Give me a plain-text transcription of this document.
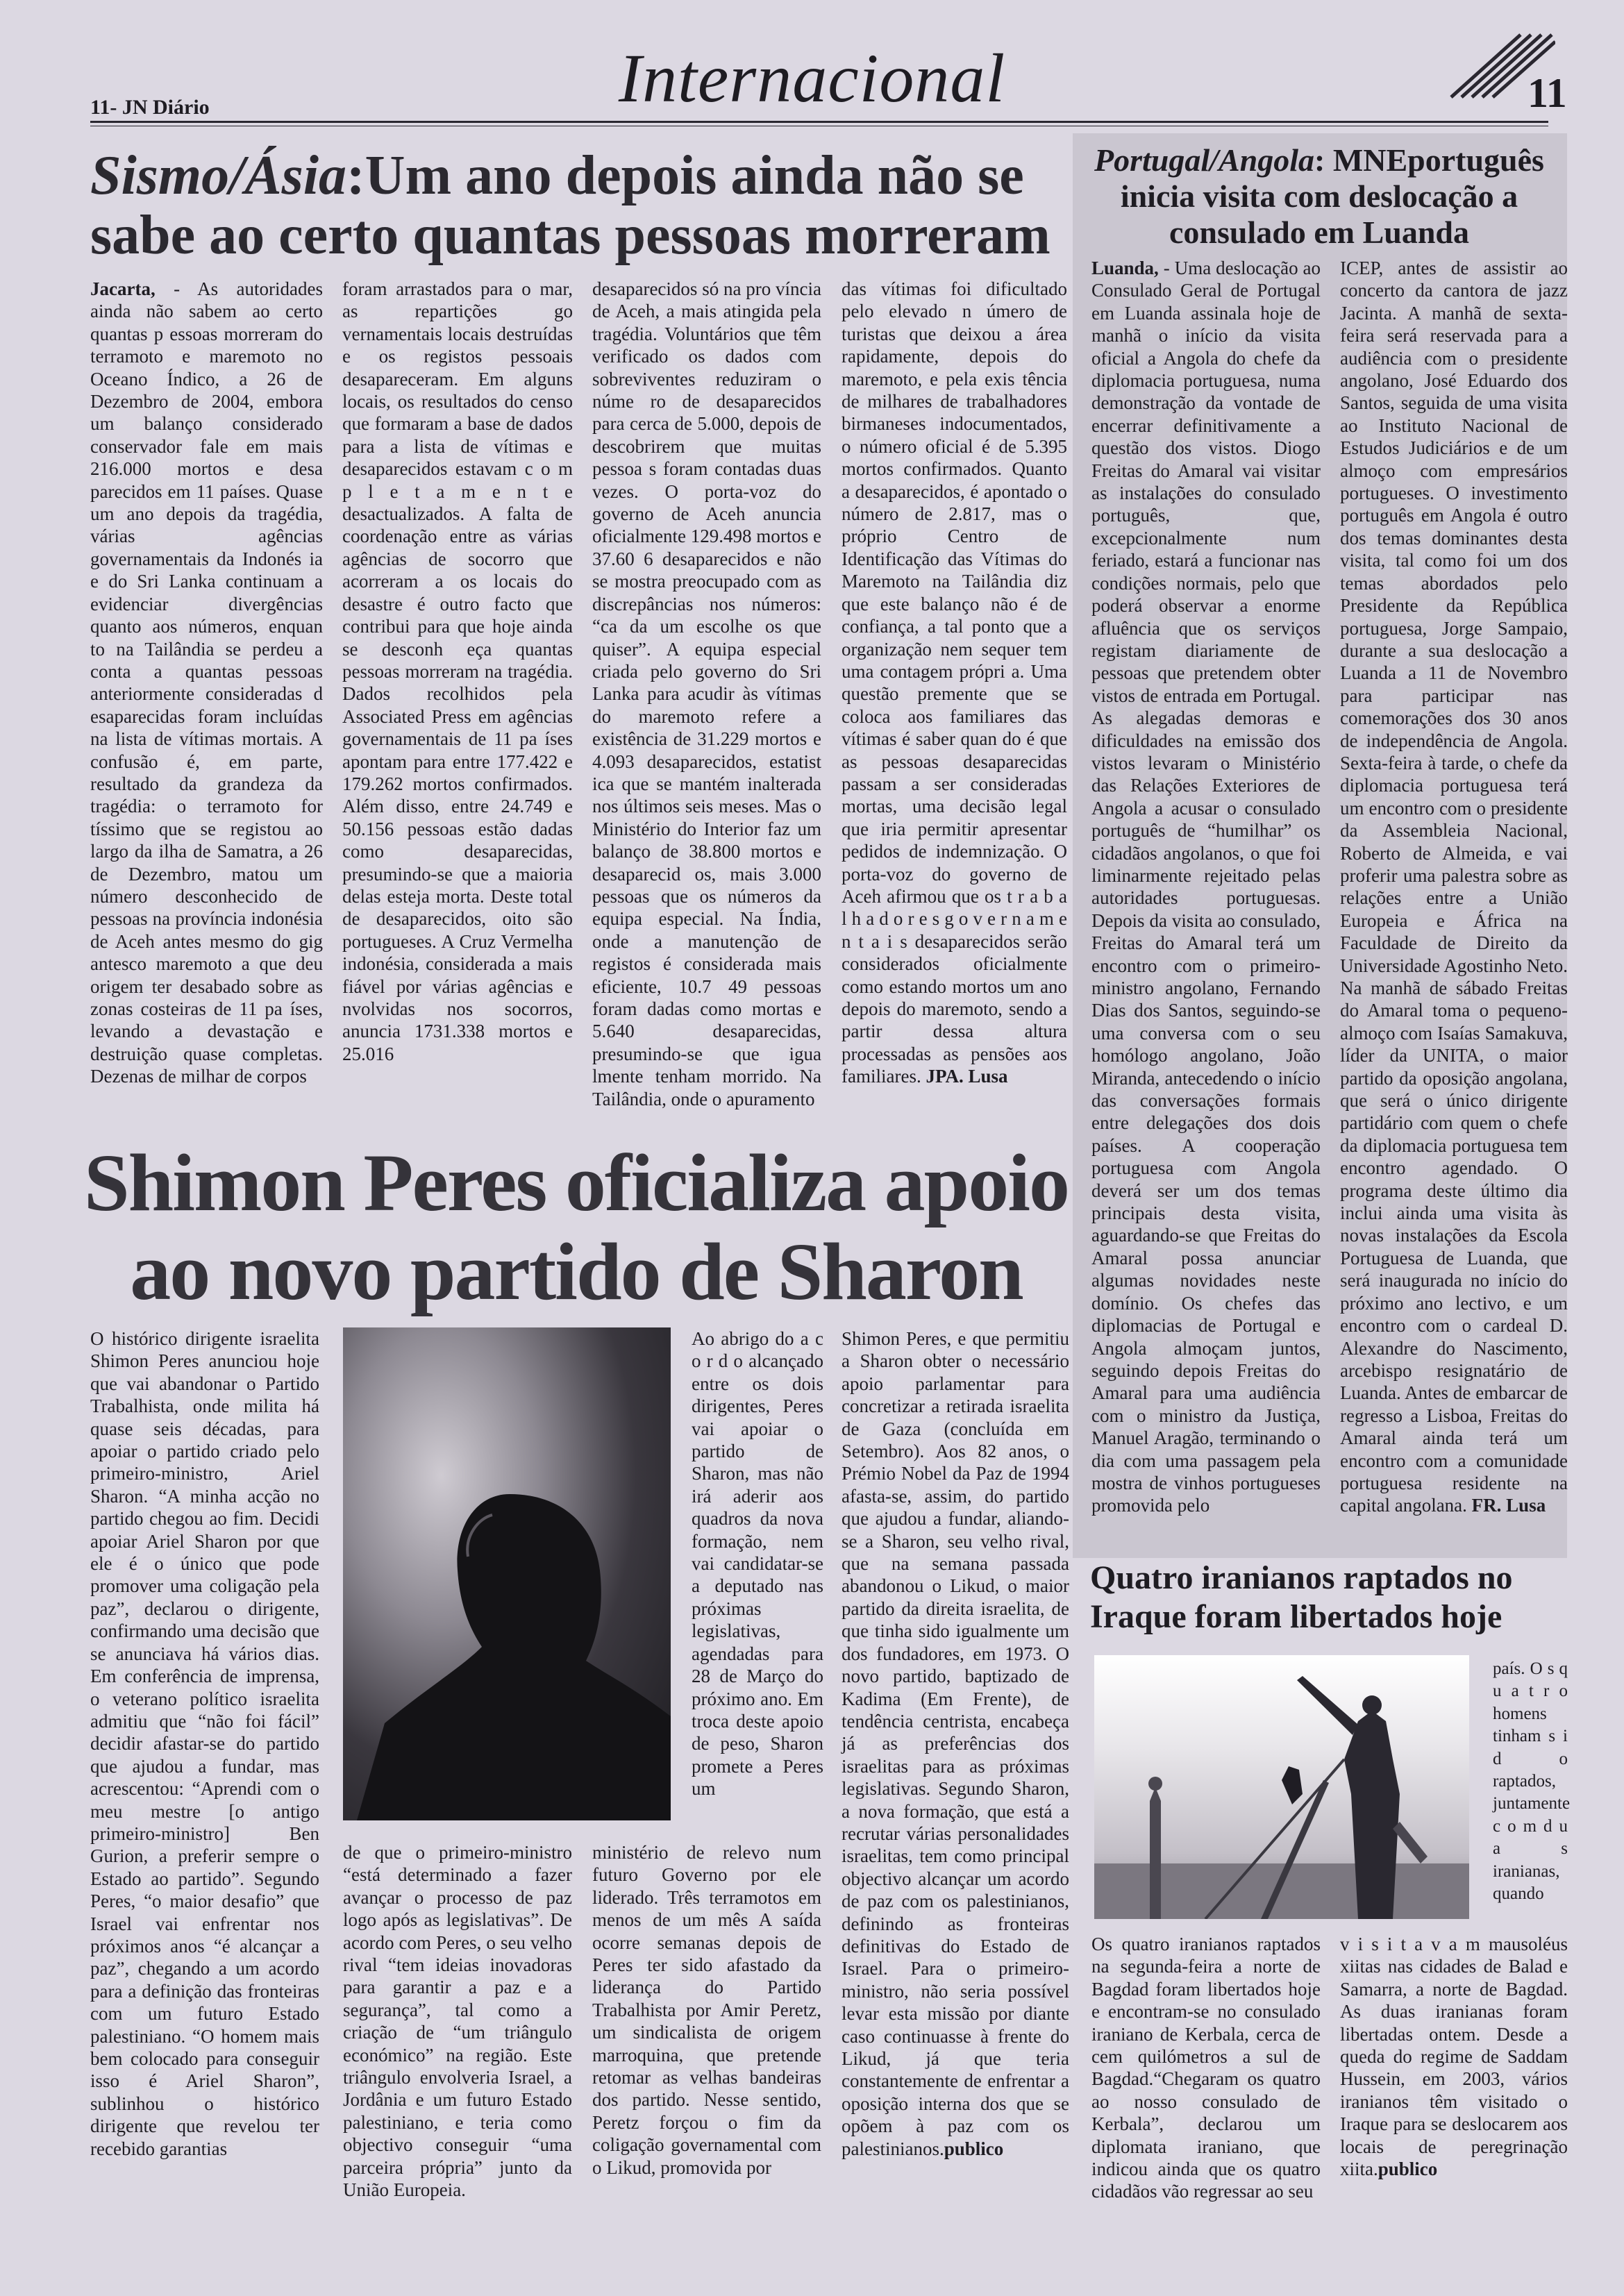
11- JN Diário	Internacional	11
Sismo/Ásia:Um ano depois ainda não se sabe ao certo quantas pessoas morreram

Jacarta, - As autoridades ainda não sabem ao certo quantas p essoas morreram do terramoto e maremoto no Oceano Índico, a 26 de Dezembro de 2004, embora um balanço considerado conservador fale em mais 216.000 mortos e desa parecidos em 11 países. Quase um ano depois da tragédia, várias agências governamentais da Indonés ia e do Sri Lanka continuam a evidenciar divergências quanto aos números, enquan to na Tailândia se perdeu a conta a quantas pessoas anteriormente consideradas d esaparecidas foram incluídas na lista de vítimas mortais. A confusão é, em parte, resultado da grandeza da tragédia: o terramoto for tíssimo que se registou ao largo da ilha de Samatra, a 26 de Dezembro, matou um número desconhecido de pessoas na província indonésia de Aceh antes mesmo do gig antesco maremoto a que deu origem ter desabado sobre as zonas costeiras de 11 pa íses, levando a devastação e destruição quase completas. Dezenas de milhar de corpos

foram arrastados para o mar, as repartições go vernamentais locais destruídas e os registos pessoais desapareceram. Em alguns locais, os resultados do censo que formaram a base de dados para a lista de vítimas e desaparecidos estavam c o m p l e t a m e n t e desactualizados. A falta de coordenação entre as várias agências de socorro que acorreram a os locais do desastre é outro facto que contribui para que hoje ainda se desconh eça quantas pessoas morreram na tragédia. Dados recolhidos pela Associated Press em agências governamentais de 11 pa íses apontam para entre 177.422 e 179.262 mortos confirmados. Além disso, entre 24.749 e 50.156 pessoas estão dadas como desaparecidas, presumindo-se que a maioria delas esteja morta. Deste total de desaparecidos, oito são portugueses. A Cruz Vermelha indonésia, considerada a mais fiável por várias agências e nvolvidas nos socorros, anuncia 1731.338 mortos e 25.016

desaparecidos só na pro víncia de Aceh, a mais atingida pela tragédia. Voluntários que têm verificado os dados com sobreviventes reduziram o núme ro de desaparecidos para cerca de 5.000, depois de descobrirem que muitas pessoa s foram contadas duas vezes. O porta-voz do governo de Aceh anuncia oficialmente 129.498 mortos e 37.60 6 desaparecidos e não se mostra preocupado com as discrepâncias nos números: “ca da um escolhe os que quiser”. A equipa especial criada pelo governo do Sri Lanka para acudir às vítimas do maremoto refere a existência de 31.229 mortos e 4.093 desaparecidos, estatist ica que se mantém inalterada nos últimos seis meses. Mas o Ministério do Interior faz um balanço de 38.800 mortos e desaparecid os, mais 3.000 pessoas que os números da equipa especial. Na Índia, onde a manutenção de registos é considerada mais eficiente, 10.7 49 pessoas foram dadas como mortas e 5.640 desaparecidas, presumindo-se que igua lmente tenham morrido. Na Tailândia, onde o apuramento

das vítimas foi dificultado pelo elevado n úmero de turistas que deixou a área rapidamente, depois do maremoto, e pela exis tência de milhares de trabalhadores birmaneses indocumentados, o número oficial é de 5.395 mortos confirmados. Quanto a desaparecidos, é apontado o número de 2.817, mas o próprio Centro de Identificação das Vítimas do Maremoto na Tailândia diz que este balanço não é de confiança, a tal ponto que a organização nem sequer tem uma contagem própri a. Uma questão premente que se coloca aos familiares das vítimas é saber quan do é que as pessoas desaparecidas passam a ser consideradas mortas, uma decisão legal que iria permitir apresentar pedidos de indemnização. O porta-voz do governo de Aceh afirmou que os t r a b a l h a d o r e s g o v e r n a m e n t a i s desaparecidos serão considerados oficialmente como estando mortos um ano depois do maremoto, sendo a partir dessa altura processadas as pensões aos familiares. JPA. Lusa

Shimon Peres oficializa apoio ao novo partido de Sharon

O histórico dirigente israelita Shimon Peres anunciou hoje que vai abandonar o Partido Trabalhista, onde milita há quase seis décadas, para apoiar o partido criado pelo primeiro-ministro, Ariel Sharon. “A minha acção no partido chegou ao fim. Decidi apoiar Ariel Sharon por que ele é o único que pode promover uma coligação pela paz”, declarou o dirigente, confirmando uma decisão que se anunciava há vários dias. Em conferência de imprensa, o veterano político israelita admitiu que “não foi fácil” decidir afastar-se do partido que ajudou a fundar, mas acrescentou: “Aprendi com o meu mestre [o antigo primeiro-ministro] Ben Gurion, a preferir sempre o Estado ao partido”. Segundo Peres, “o maior desafio” que Israel vai enfrentar nos próximos anos “é alcançar a paz”, chegando a um acordo para a definição das fronteiras com um futuro Estado palestiniano. “O homem mais bem colocado para conseguir isso é Ariel Sharon”, sublinhou o histórico dirigente que revelou ter recebido garantias

de que o primeiro-ministro “está determinado a fazer avançar o processo de paz logo após as legislativas”. De acordo com Peres, o seu velho rival “tem ideias inovadoras para garantir a paz e a segurança”, tal como a criação de “um triângulo económico” na região. Este triângulo envolveria Israel, a Jordânia e um futuro Estado palestiniano, e teria como objectivo conseguir “uma parceira própria” junto da União Europeia.

Ao abrigo do a c o r d o alcançado entre os dois dirigentes, Peres vai apoiar o partido de Sharon, mas não irá aderir aos quadros da nova formação, nem vai candidatar-se a deputado nas próximas legislativas, agendadas para 28 de Março do próximo ano. Em troca deste apoio de peso, Sharon promete a Peres um

ministério de relevo num futuro Governo por ele liderado. Três terramotos em menos de um mês A saída ocorre semanas depois de Peres ter sido afastado da liderança do Partido Trabalhista por Amir Peretz, um sindicalista de origem marroquina, que pretende retomar as velhas bandeiras dos partido. Nesse sentido, Peretz forçou o fim da coligação governamental com o Likud, promovida por

Shimon Peres, e que permitiu a Sharon obter o necessário apoio parlamentar para concretizar a retirada israelita de Gaza (concluída em Setembro). Aos 82 anos, o Prémio Nobel da Paz de 1994 afasta-se, assim, do partido que ajudou a fundar, aliando-se a Sharon, seu velho rival, que na semana passada abandonou o Likud, o maior partido da direita israelita, de que tinha sido igualmente um dos fundadores, em 1973. O novo partido, baptizado de Kadima (Em Frente), de tendência centrista, encabeça já as preferências dos israelitas para as próximas legislativas. Segundo Sharon, a nova formação, que está a recrutar várias personalidades israelitas, tem como principal objectivo alcançar um acordo de paz com os palestinianos, definindo as fronteiras definitivas do Estado de Israel. Para o primeiro-ministro, não seria possível levar esta missão por diante caso continuasse à frente do Likud, já que teria constantemente de enfrentar a oposição interna dos que se opõem à paz com os palestinianos.publico

Portugal/Angola: MNEportuguês inicia visita com deslocação a consulado em Luanda

Luanda, - Uma deslocação ao Consulado Geral de Portugal em Luanda assinala hoje de manhã o início da visita oficial a Angola do chefe da diplomacia portuguesa, numa demonstração da vontade de encerrar definitivamente a questão dos vistos. Diogo Freitas do Amaral vai visitar as instalações do consulado português, que, excepcionalmente num feriado, estará a funcionar nas condições normais, pelo que poderá observar a enorme afluência que os serviços registam diariamente de pessoas que pretendem obter vistos de entrada em Portugal. As alegadas demoras e dificuldades na emissão dos vistos levaram o Ministério das Relações Exteriores de Angola a acusar o consulado português de “humilhar” os cidadãos angolanos, o que foi liminarmente rejeitado pelas autoridades portuguesas. Depois da visita ao consulado, Freitas do Amaral terá um encontro com o primeiro-ministro angolano, Fernando Dias dos Santos, seguindo-se uma conversa com o seu homólogo angolano, João Miranda, antecedendo o início das conversações formais entre delegações dos dois países. A cooperação portuguesa com Angola deverá ser um dos temas principais desta visita, aguardando-se que Freitas do Amaral possa anunciar algumas novidades neste domínio. Os chefes das diplomacias de Portugal e Angola almoçam juntos, seguindo depois Freitas do Amaral para uma audiência com o ministro da Justiça, Manuel Aragão, terminando o dia com uma passagem pela mostra de vinhos portugueses promovida pelo

ICEP, antes de assistir ao concerto da cantora de jazz Jacinta. A manhã de sexta-feira será reservada para a audiência com o presidente angolano, José Eduardo dos Santos, seguida de uma visita ao Instituto Nacional de Estudos Judiciários e de um almoço com empresários portugueses. O investimento português em Angola é outro dos temas dominantes desta visita, tal como foi um dos temas abordados pelo Presidente da República portuguesa, Jorge Sampaio, durante a sua deslocação a Luanda a 11 de Novembro para participar nas comemorações dos 30 anos de independência de Angola. Sexta-feira à tarde, o chefe da diplomacia portuguesa terá um encontro com o presidente da Assembleia Nacional, Roberto de Almeida, e vai proferir uma palestra sobre as relações entre a União Europeia e África na Faculdade de Direito da Universidade Agostinho Neto. Na manhã de sábado Freitas do Amaral toma o pequeno-almoço com Isaías Samakuva, líder da UNITA, o maior partido da oposição angolana, que será o único dirigente partidário com quem o chefe da diplomacia portuguesa tem encontro agendado. O programa deste último dia inclui ainda uma visita às novas instalações da Escola Portuguesa de Luanda, que será inaugurada no início do próximo ano lectivo, e um encontro com o cardeal D. Alexandre do Nascimento, arcebispo resignatário de Luanda. Antes de embarcar de regresso a Lisboa, Freitas do Amaral ainda terá um encontro com a comunidade portuguesa residente na capital angolana. FR. Lusa

Quatro iranianos raptados no Iraque foram libertados hoje

país. O s q u a t r o homens tinham s i d o raptados, juntamente c o m d u a s iranianas, quando

Os quatro iranianos raptados na segunda-feira a norte de Bagdad foram libertados hoje e encontram-se no consulado iraniano de Kerbala, cerca de cem quilómetros a sul de Bagdad.“Chegaram os quatro ao nosso consulado de Kerbala”, declarou um diplomata iraniano, que indicou ainda que os quatro cidadãos vão regressar ao seu

v i s i t a v a m mausoléus xiitas nas cidades de Balad e Samarra, a norte de Bagdad. As duas iranianas foram libertadas ontem. Desde a queda do regime de Saddam Hussein, em 2003, vários iranianos têm visitado o Iraque para se deslocarem aos locais de peregrinação xiita.publico
